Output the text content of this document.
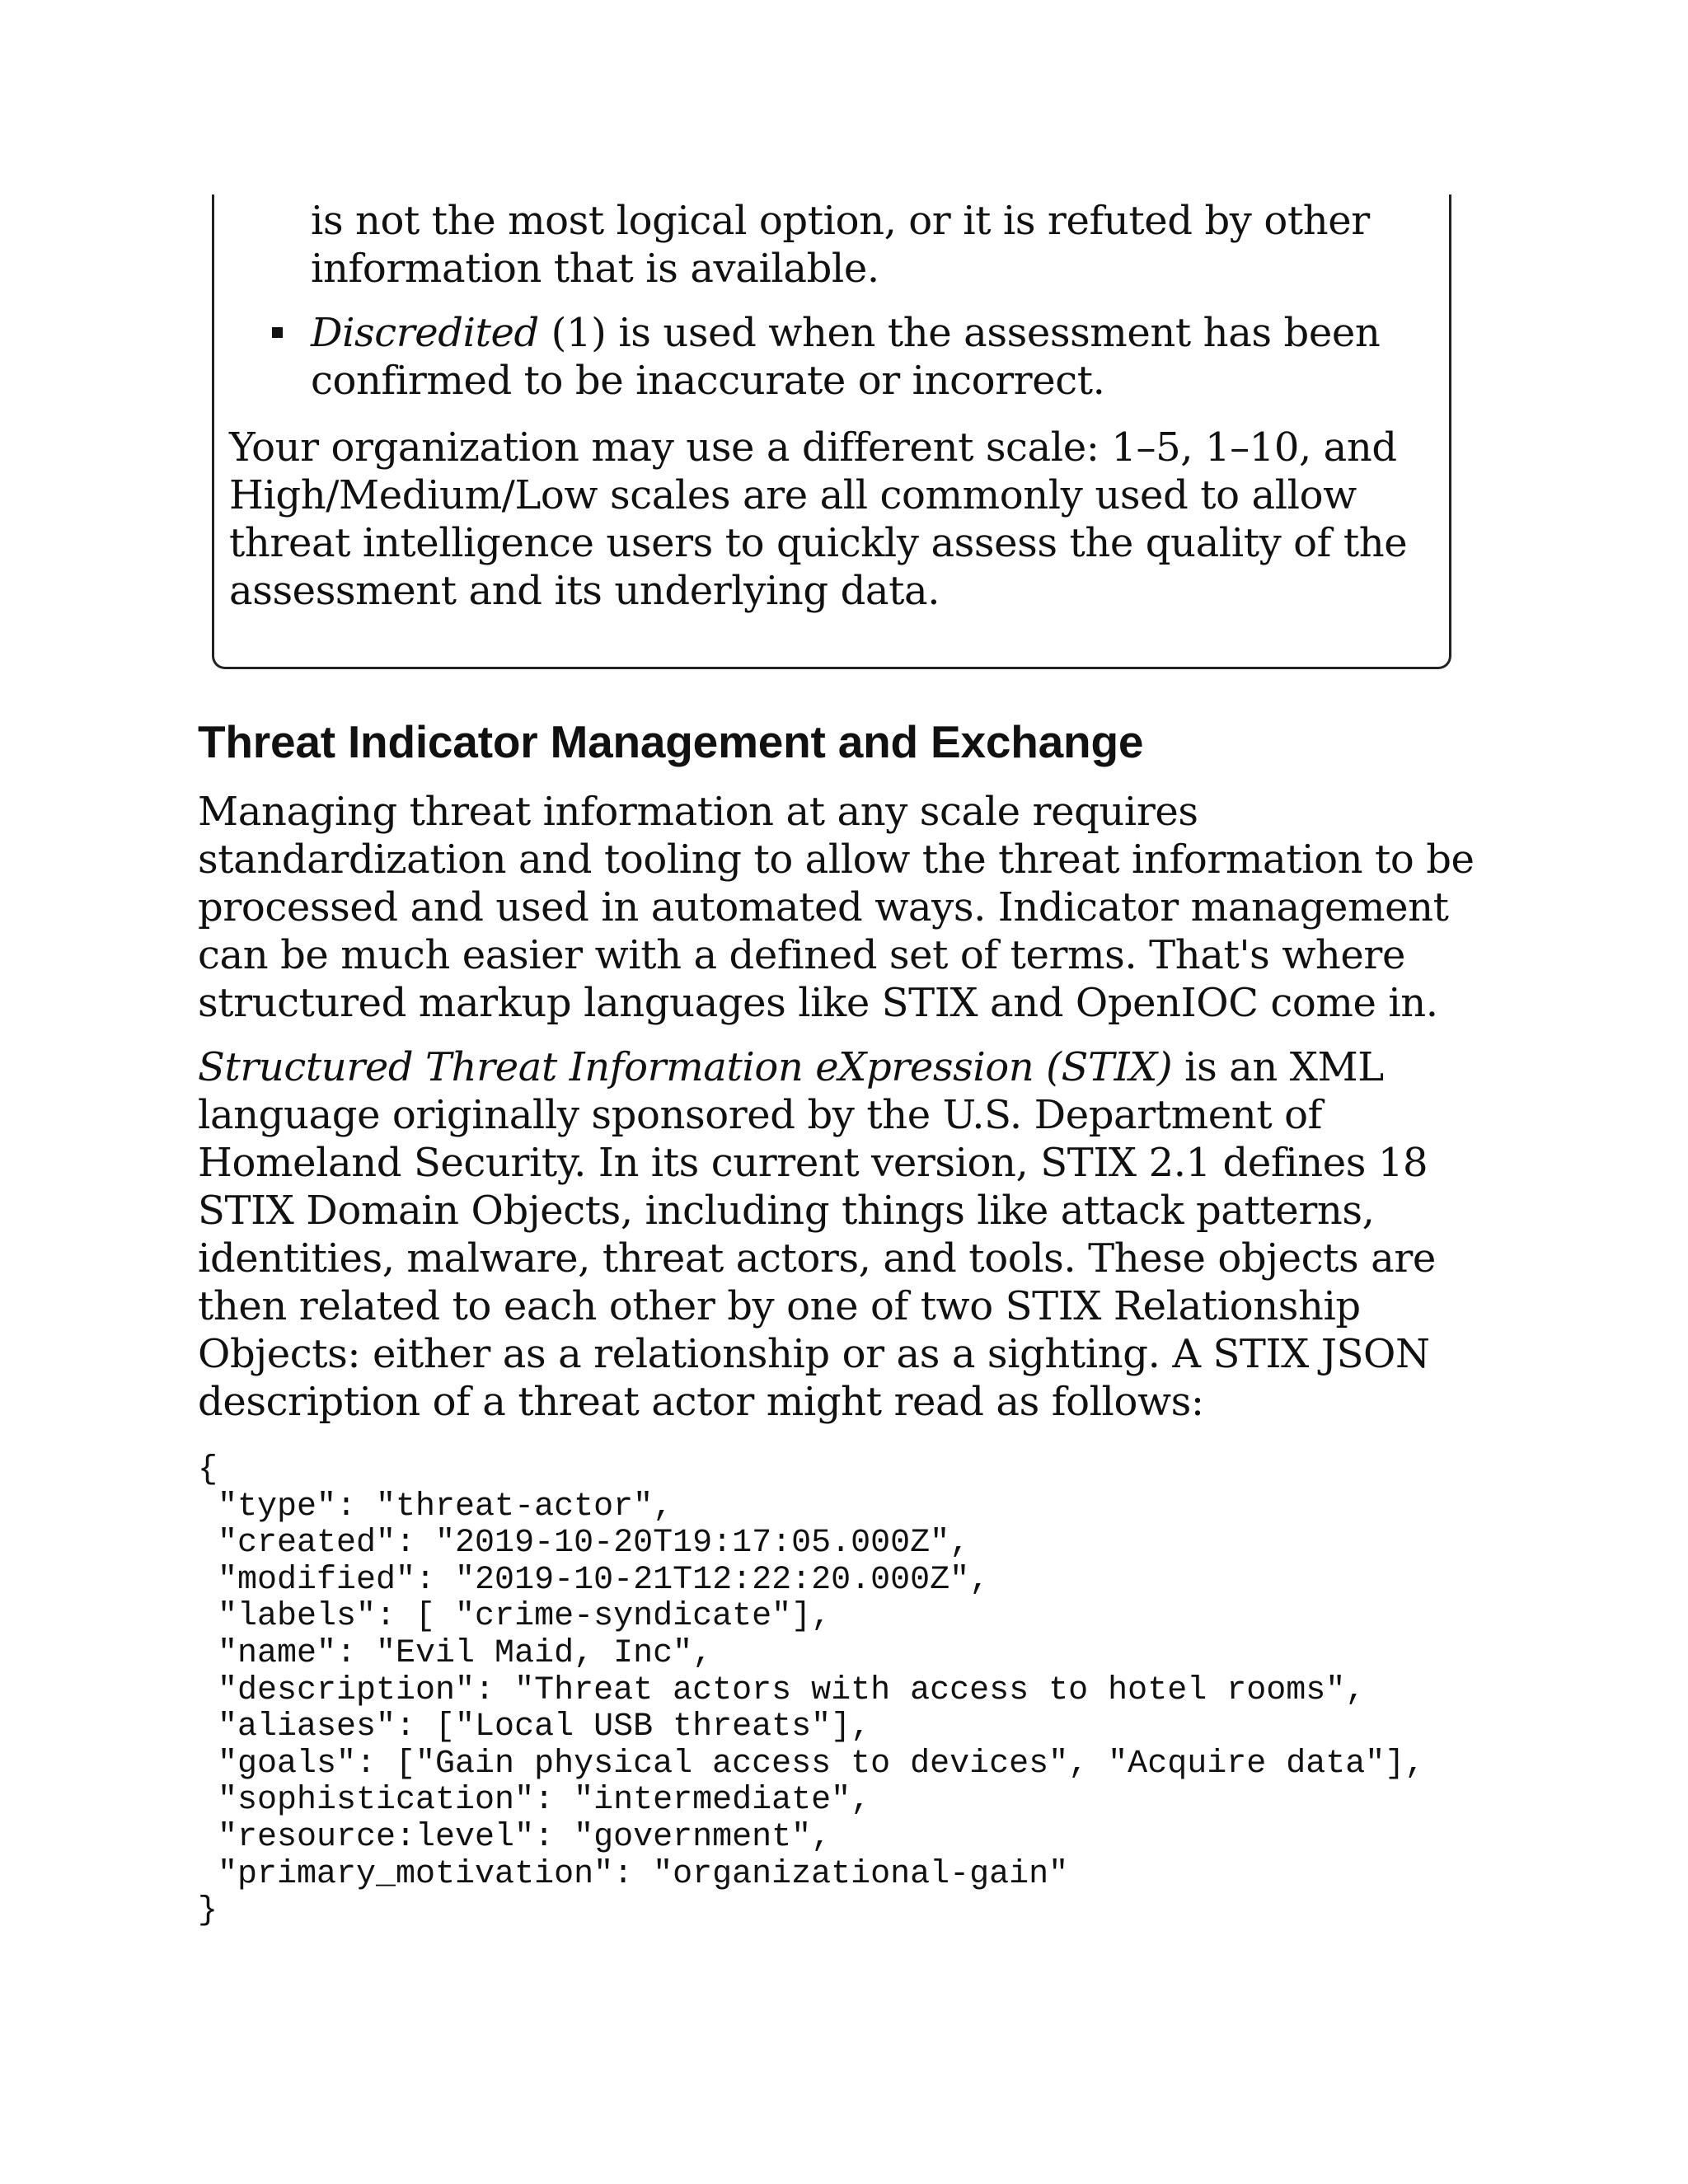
is not the most logical option, or it is refuted by other information that is available.

Discredited (1) is used when the assessment has been confirmed to be inaccurate or incorrect.

Your organization may use a different scale: 1–5, 1–10, and High/Medium/Low scales are all commonly used to allow threat intelligence users to quickly assess the quality of the assessment and its underlying data.

Threat Indicator Management and Exchange

Managing threat information at any scale requires standardization and tooling to allow the threat information to be processed and used in automated ways. Indicator management can be much easier with a defined set of terms. That's where structured markup languages like STIX and OpenIOC come in.

Structured Threat Information eXpression (STIX) is an XML language originally sponsored by the U.S. Department of Homeland Security. In its current version, STIX 2.1 defines 18 STIX Domain Objects, including things like attack patterns, identities, malware, threat actors, and tools. These objects are then related to each other by one of two STIX Relationship Objects: either as a relationship or as a sighting. A STIX JSON description of a threat actor might read as follows:

{
"type": "threat-actor",
"created": "2019-10-20T19:17:05.000Z",
"modified": "2019-10-21T12:22:20.000Z",
"labels": [ "crime-syndicate"],
"name": "Evil Maid, Inc",
"description": "Threat actors with access to hotel rooms",
"aliases": ["Local USB threats"],
"goals": ["Gain physical access to devices", "Acquire data"],
"sophistication": "intermediate",
"resource:level": "government",
"primary_motivation": "organizational-gain"
}
